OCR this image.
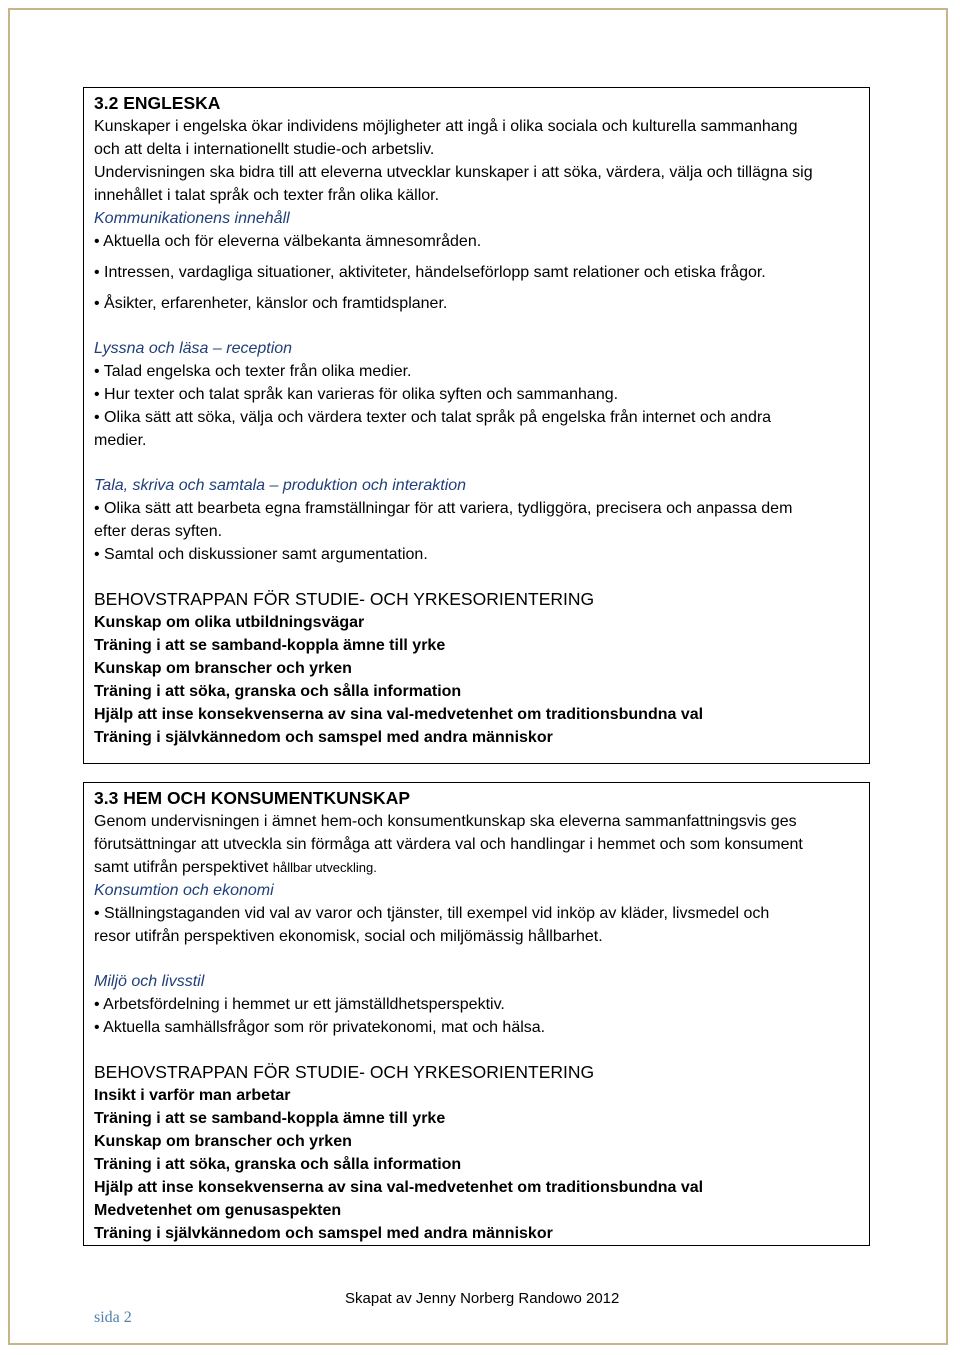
3.2 ENGLESKA
Kunskaper i engelska ökar individens möjligheter att ingå i olika sociala och kulturella sammanhang
och att delta i internationellt studie-och arbetsliv.
Undervisningen ska bidra till att eleverna utvecklar kunskaper i att söka, värdera, välja och tillägna sig
innehållet i talat språk och texter från olika källor.
Kommunikationens innehåll
• Aktuella och för eleverna välbekanta ämnesområden.
• Intressen, vardagliga situationer, aktiviteter, händelseförlopp samt relationer och etiska frågor.
• Åsikter, erfarenheter, känslor och framtidsplaner.
Lyssna och läsa – reception
• Talad engelska och texter från olika medier.
• Hur texter och talat språk kan varieras för olika syften och sammanhang.
• Olika sätt att söka, välja och värdera texter och talat språk på engelska från internet och andra
medier.
Tala, skriva och samtala – produktion och interaktion
• Olika sätt att bearbeta egna framställningar för att variera, tydliggöra, precisera och anpassa dem
efter deras syften.
• Samtal och diskussioner samt argumentation.
BEHOVSTRAPPAN FÖR STUDIE- OCH YRKESORIENTERING
Kunskap om olika utbildningsvägar
Träning i att se samband-koppla ämne till yrke
Kunskap om branscher och yrken
Träning i att söka, granska och sålla information
Hjälp att inse konsekvenserna av sina val-medvetenhet om traditionsbundna val
Träning i självkännedom och samspel med andra människor
3.3 HEM OCH KONSUMENTKUNSKAP
Genom undervisningen i ämnet hem-och konsumentkunskap ska eleverna sammanfattningsvis ges
förutsättningar att utveckla sin förmåga att värdera val och handlingar i hemmet och som konsument
samt utifrån perspektivet hållbar utveckling.
Konsumtion och ekonomi
• Ställningstaganden vid val av varor och tjänster, till exempel vid inköp av kläder, livsmedel och
resor utifrån perspektiven ekonomisk, social och miljömässig hållbarhet.
Miljö och livsstil
• Arbetsfördelning i hemmet ur ett jämställdhetsperspektiv.
• Aktuella samhällsfrågor som rör privatekonomi, mat och hälsa.
BEHOVSTRAPPAN FÖR STUDIE- OCH YRKESORIENTERING
Insikt i varför man arbetar
Träning i att se samband-koppla ämne till yrke
Kunskap om branscher och yrken
Träning i att söka, granska och sålla information
Hjälp att inse konsekvenserna av sina val-medvetenhet om traditionsbundna val
Medvetenhet om genusaspekten
Träning i självkännedom och samspel med andra människor
Skapat av Jenny Norberg Randowo 2012
sida 2
